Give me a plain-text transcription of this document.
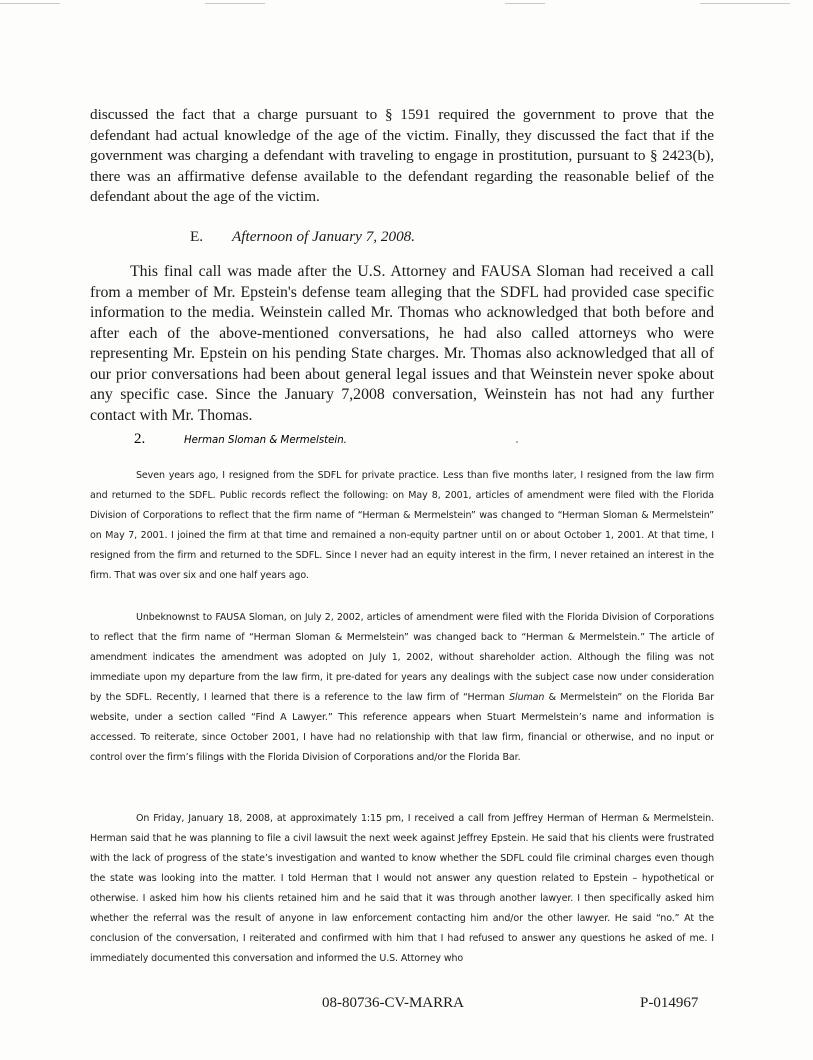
discussed the fact that a charge pursuant to § 1591 required the government to prove that the defendant had actual knowledge of the age of the victim. Finally, they discussed the fact that if the government was charging a defendant with traveling to engage in prostitution, pursuant to § 2423(b), there was an affirmative defense available to the defendant regarding the reasonable belief of the defendant about the age of the victim.

E. Afternoon of January 7, 2008.

This final call was made after the U.S. Attorney and FAUSA Sloman had received a call from a member of Mr. Epstein's defense team alleging that the SDFL had provided case specific information to the media. Weinstein called Mr. Thomas who acknowledged that both before and after each of the above-mentioned conversations, he had also called attorneys who were representing Mr. Epstein on his pending State charges. Mr. Thomas also acknowledged that all of our prior conversations had been about general legal issues and that Weinstein never spoke about any specific case. Since the January 7,2008 conversation, Weinstein has not had any further contact with Mr. Thomas.

2.	Herman Sloman & Mermelstein.

Seven years ago, I resigned from the SDFL for private practice. Less than five months later, I resigned from the law firm and returned to the SDFL. Public records reflect the following: on May 8, 2001, articles of amendment were filed with the Florida Division of Corporations to reflect that the firm name of “Herman & Mermelstein” was changed to “Herman Sloman & Mermelstein” on May 7, 2001. I joined the firm at that time and remained a non-equity partner until on or about October 1, 2001. At that time, I resigned from the firm and returned to the SDFL. Since I never had an equity interest in the firm, I never retained an interest in the firm. That was over six and one half years ago.

Unbeknownst to FAUSA Sloman, on July 2, 2002, articles of amendment were filed with the Florida Division of Corporations to reflect that the firm name of “Herman Sloman & Mermelstein” was changed back to “Herman & Mermelstein.” The article of amendment indicates the amendment was adopted on July 1, 2002, without shareholder action. Although the filing was not immediate upon my departure from the law firm, it pre-dated for years any dealings with the subject case now under consideration by the SDFL. Recently, I learned that there is a reference to the law firm of “Herman Sluman & Mermelstein” on the Florida Bar website, under a section called “Find A Lawyer.” This reference appears when Stuart Mermelstein’s name and information is accessed. To reiterate, since October 2001, I have had no relationship with that law firm, financial or otherwise, and no input or control over the firm’s filings with the Florida Division of Corporations and/or the Florida Bar.

On Friday, January 18, 2008, at approximately 1:15 pm, I received a call from Jeffrey Herman of Herman & Mermelstein. Herman said that he was planning to file a civil lawsuit the next week against Jeffrey Epstein. He said that his clients were frustrated with the lack of progress of the state’s investigation and wanted to know whether the SDFL could file criminal charges even though the state was looking into the matter. I told Herman that I would not answer any question related to Epstein – hypothetical or otherwise. I asked him how his clients retained him and he said that it was through another lawyer. I then specifically asked him whether the referral was the result of anyone in law enforcement contacting him and/or the other lawyer. He said “no.” At the conclusion of the conversation, I reiterated and confirmed with him that I had refused to answer any questions he asked of me. I immediately documented this conversation and informed the U.S. Attorney who

08-80736-CV-MARRA	P-014967
